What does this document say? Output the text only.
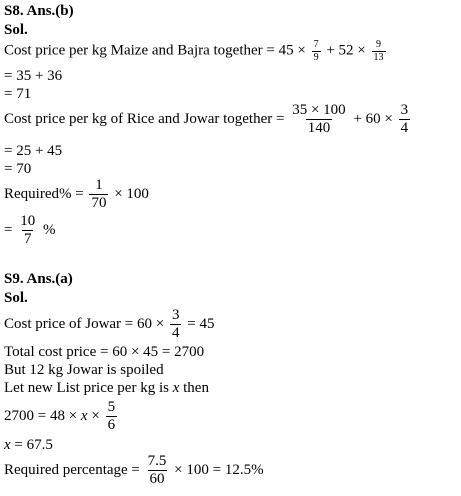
S8. Ans.(b)
Sol.
Cost price per kg Maize and Bajra together = $45 \times \frac{7}{9} + 52 \times \frac{9}{13}$
= 35 + 36
= 71
Cost price per kg of Rice and Jowar together = $\frac{35 \times 100}{140} + 60 \times \frac{3}{4}$
= 25 + 45
= 70
Required% = $\frac{1}{70} \times 100$
= $\frac{10}{7}$ %
S9. Ans.(a)
Sol.
Cost price of Jowar = $60 \times \frac{3}{4} = 45$
Total cost price = 60 × 45 = 2700
But 12 kg Jowar is spoiled
Let new List price per kg is x then
$2700 = 48 \times x \times \frac{5}{6}$
x = 67.5
Required percentage = $\frac{7.5}{60} \times 100 = 12.5\%$
